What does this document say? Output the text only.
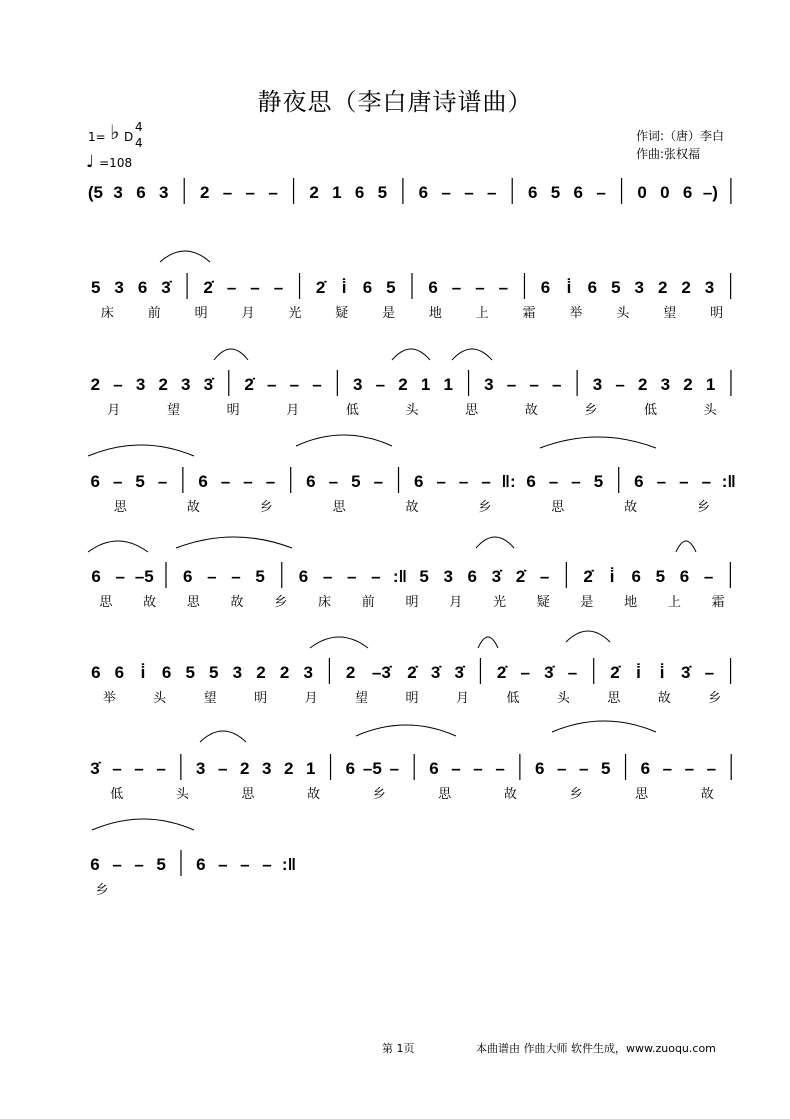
静夜思（李白唐诗谱曲）
1= ♭ D
4
4
♩ =108
作词:（唐）李白
作曲:张权福
(5 3 6 3 2 – – – 2 1 6 5 6 – – – 6 5 6 – 0 0 6 –)
5 3 6 3̇ 2̇ – – – 2̇ i̇ 6 5 6 – – – 6 i̇ 6 5 3 2 2 3
床	前	明	月	光	疑	是	地	上	霜	举	头	望	明
2 – 3 2 3 3̇ 2̇ – – – 3 – 2 1 1 3 – – – 3 – 2 3 2 1
月	望	明	月	低	头	思	故	乡	低	头
6 – 5 – 6 – – – 6 – 5 – 6 – – – ‖: 6 – – 5 6 – – – :‖
思	故	乡	思	故	乡	思	故	乡
6 – –5 6 – – 5 6 – – – :‖ 5 3 6 3̇ 2̇ – 2̇ i̇ 6 5 6 –
思 故 思 故 乡 床 前 明 月 光 疑 是 地 上 霜
6 6 i̇ 6 5 5 3 2 2 3 2 –3̇ 2̇ 3̇ 3̇ 2̇ – 3̇ – 2̇ i̇ i̇ 3̇ –
举	头	望	明	月	望	明	月	低	头	思	故	乡
3̇ – – – 3 – 2 3 2 1 6 –5 – 6 – – – 6 – – 5 6 – – –
低	头	思	故	乡	思	故	乡	思	故
6 – – 5 6 – – – :‖
乡
第 1页	本曲谱由 作曲大师 软件生成，www.zuoqu.com
